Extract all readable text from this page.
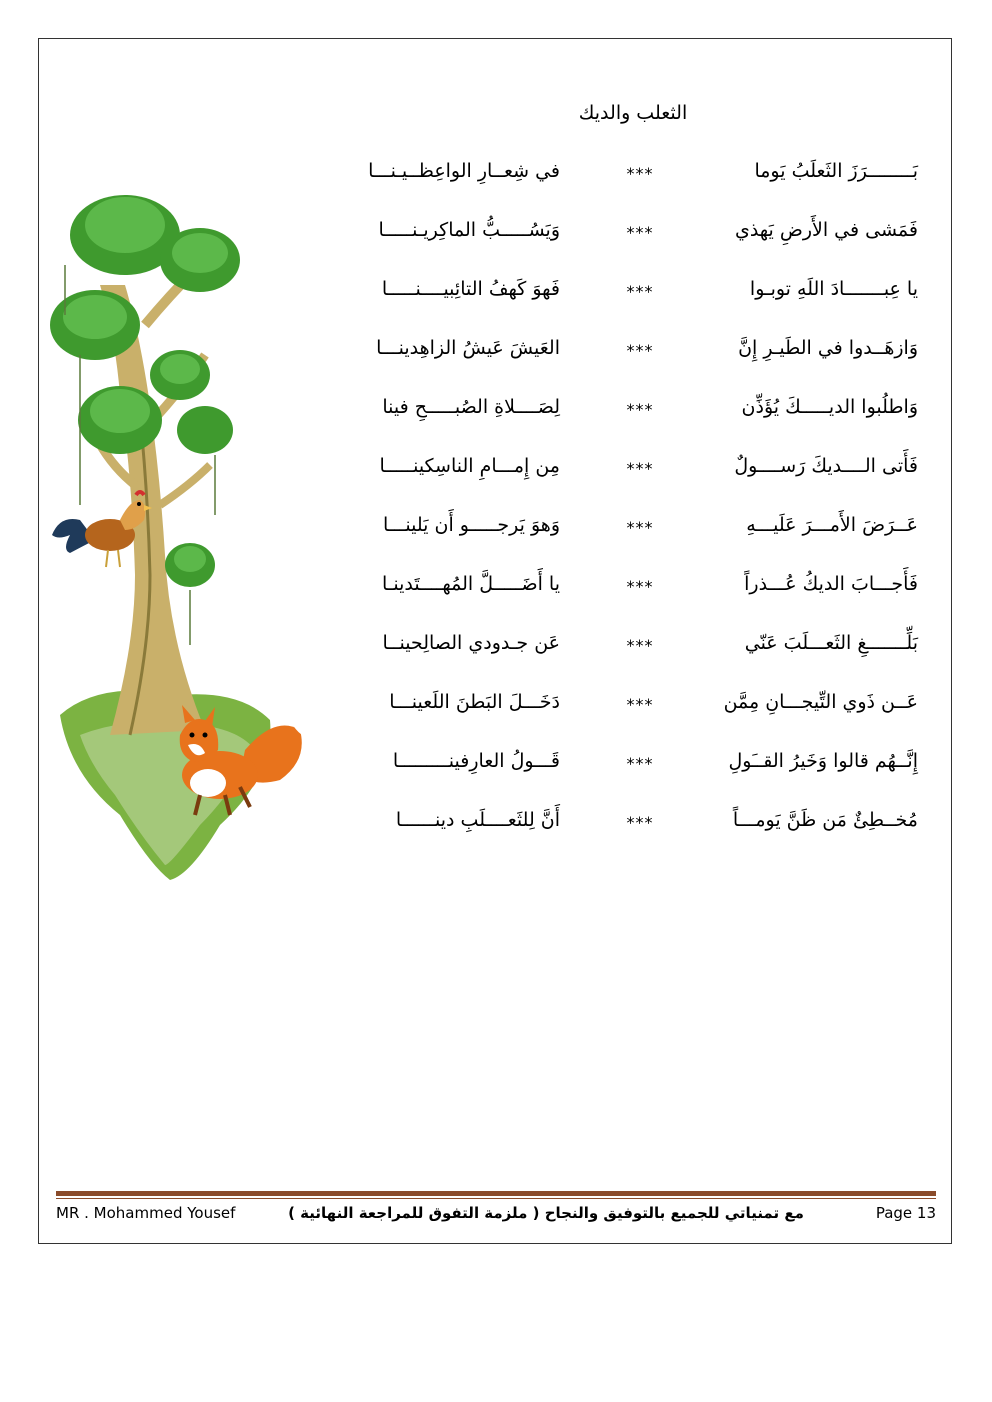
الثعلب والديك
بَــــــــرَزَ الثَعلَبُ يَوما
***
في شِعــارِ الواعِظــيـنـــا
فَمَشى في الأَرضِ يَهذي
***
وَيَسُـــــبُّ الماكِريـنـــــا
يا عِبـــــــادَ اللَهِ توبـوا
***
فَهوَ كَهفُ التائِبيــــنـــــا
وَازهَــدوا في الطَيـرِ إِنَّ
***
العَيشَ عَيشُ الزاهِدينـــا
وَاطلُبوا الديـــــكَ يُؤَذِّن
***
لِصَــــلاةِ الصُبـــــحِ فينا
فَأَتى الــــديكَ رَســــولٌ
***
مِن إِمـــامِ الناسِكينـــــا
عَــرَضَ الأَمـــرَ عَلَيـــهِ
***
وَهوَ يَرجـــــو أَن يَلينـــا
فَأَجـــابَ الديكُ عُـــذراً
***
يا أَضَـــــلَّ المُهــــتَدينـا
بَلِّـــــــغِ الثَعـــلَبَ عَنّي
***
عَن جـدودي الصالِحينــا
عَــن ذَوي التِّيجـــانِ مِمَّن
***
دَخَـــلَ البَطنَ اللَعينـــا
إِنَّــهُم قالوا وَخَيرُ القــَولِ
***
قَـــولُ العارِفينـــــــــا
مُخــطِئٌ مَن ظَنَّ يَومـــاً
***
أَنَّ لِلثَعــــلَبِ دينــــــا
MR . Mohammed Yousef	مع تمنياتي للجميع بالتوفيق والنجاح ( ملزمة التفوق للمراجعة النهائية )	Page 13
